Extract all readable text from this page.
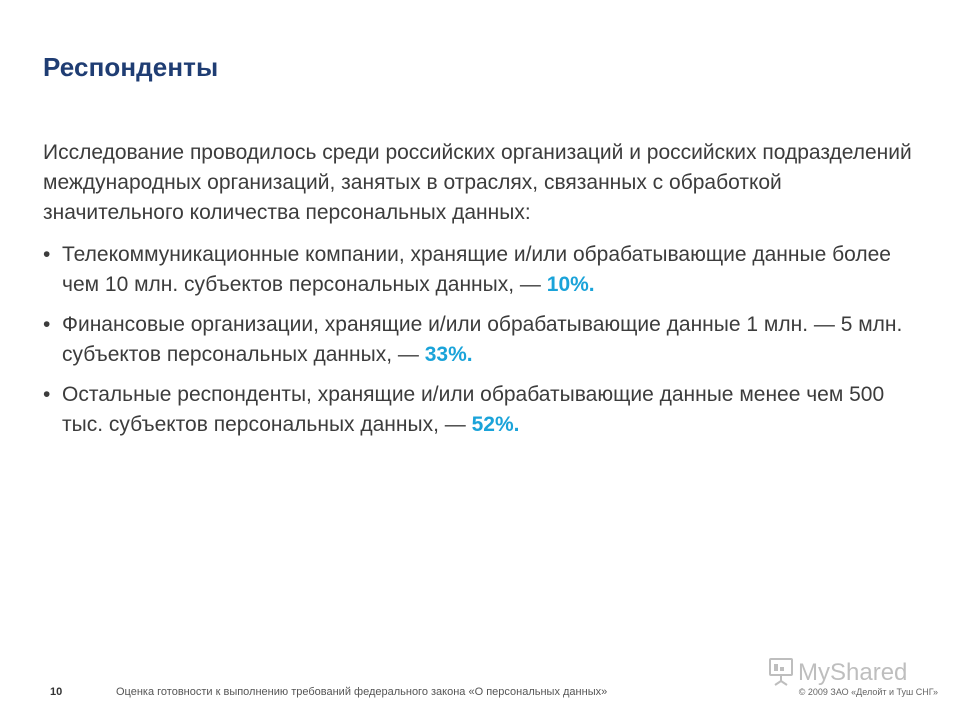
Респонденты

Исследование проводилось среди российских организаций и российских подразделений международных организаций, занятых в отраслях, связанных с обработкой значительного количества персональных данных:

• Телекоммуникационные компании, хранящие и/или обрабатывающие данные более чем 10 млн. субъектов персональных данных, — 10%.
• Финансовые организации, хранящие и/или обрабатывающие данные 1 млн. — 5 млн. субъектов персональных данных, — 33%.
• Остальные респонденты, хранящие и/или обрабатывающие данные менее чем 500 тыс. субъектов персональных данных, — 52%.
MyShared
10	Оценка готовности к выполнению требований федерального закона «О персональных данных»	© 2009 ЗАО «Делойт и Туш СНГ»
